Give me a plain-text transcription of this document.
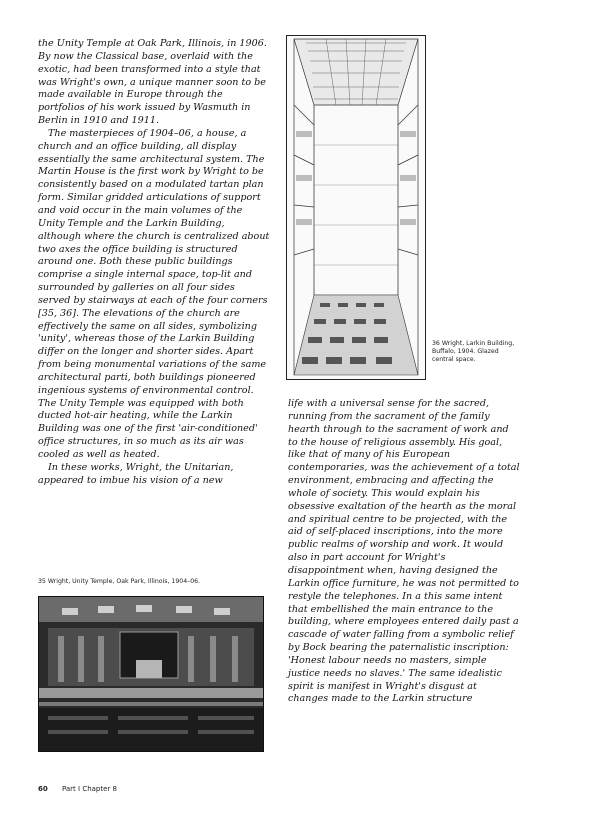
the Unity Temple at Oak Park, Illinois, in 1906. By now the Classical base, overlaid with the exotic, had been transformed into a style that was Wright's own, a unique manner soon to be made available in Europe through the portfolios of his work issued by Wasmuth in Berlin in 1910 and 1911.

The masterpieces of 1904–06, a house, a church and an office building, all display essentially the same architectural system. The Martin House is the first work by Wright to be consistently based on a modulated tartan plan form. Similar gridded articulations of support and void occur in the main volumes of the Unity Temple and the Larkin Building, although where the church is centralized about two axes the office building is structured around one. Both these public buildings comprise a single internal space, top-lit and surrounded by galleries on all four sides served by stairways at each of the four corners [35, 36]. The elevations of the church are effectively the same on all sides, symbolizing 'unity', whereas those of the Larkin Building differ on the longer and shorter sides. Apart from being monumental variations of the same architectural parti, both buildings pioneered ingenious systems of environmental control. The Unity Temple was equipped with both ducted hot-air heating, while the Larkin Building was one of the first 'air-conditioned' office structures, in so much as its air was cooled as well as heated.

In these works, Wright, the Unitarian, appeared to imbue his vision of a new

36 Wright, Larkin Building, Buffalo, 1904. Glazed central space.

life with a universal sense for the sacred, running from the sacrament of the family hearth through to the sacrament of work and to the house of religious assembly. His goal, like that of many of his European contemporaries, was the achievement of a total environment, embracing and affecting the whole of society. This would explain his obsessive exaltation of the hearth as the moral and spiritual centre to be projected, with the aid of self-placed inscriptions, into the more public realms of worship and work. It would also in part account for Wright's disappointment when, having designed the Larkin office furniture, he was not permitted to restyle the telephones. In a this same intent that embellished the main entrance to the building, where employees entered daily past a cascade of water falling from a symbolic relief by Bock bearing the paternalistic inscription: 'Honest labour needs no masters, simple justice needs no slaves.' The same idealistic spirit is manifest in Wright's disgust at changes made to the Larkin structure

35 Wright, Unity Temple, Oak Park, Illinois, 1904–06.
60 Part I Chapter 8
